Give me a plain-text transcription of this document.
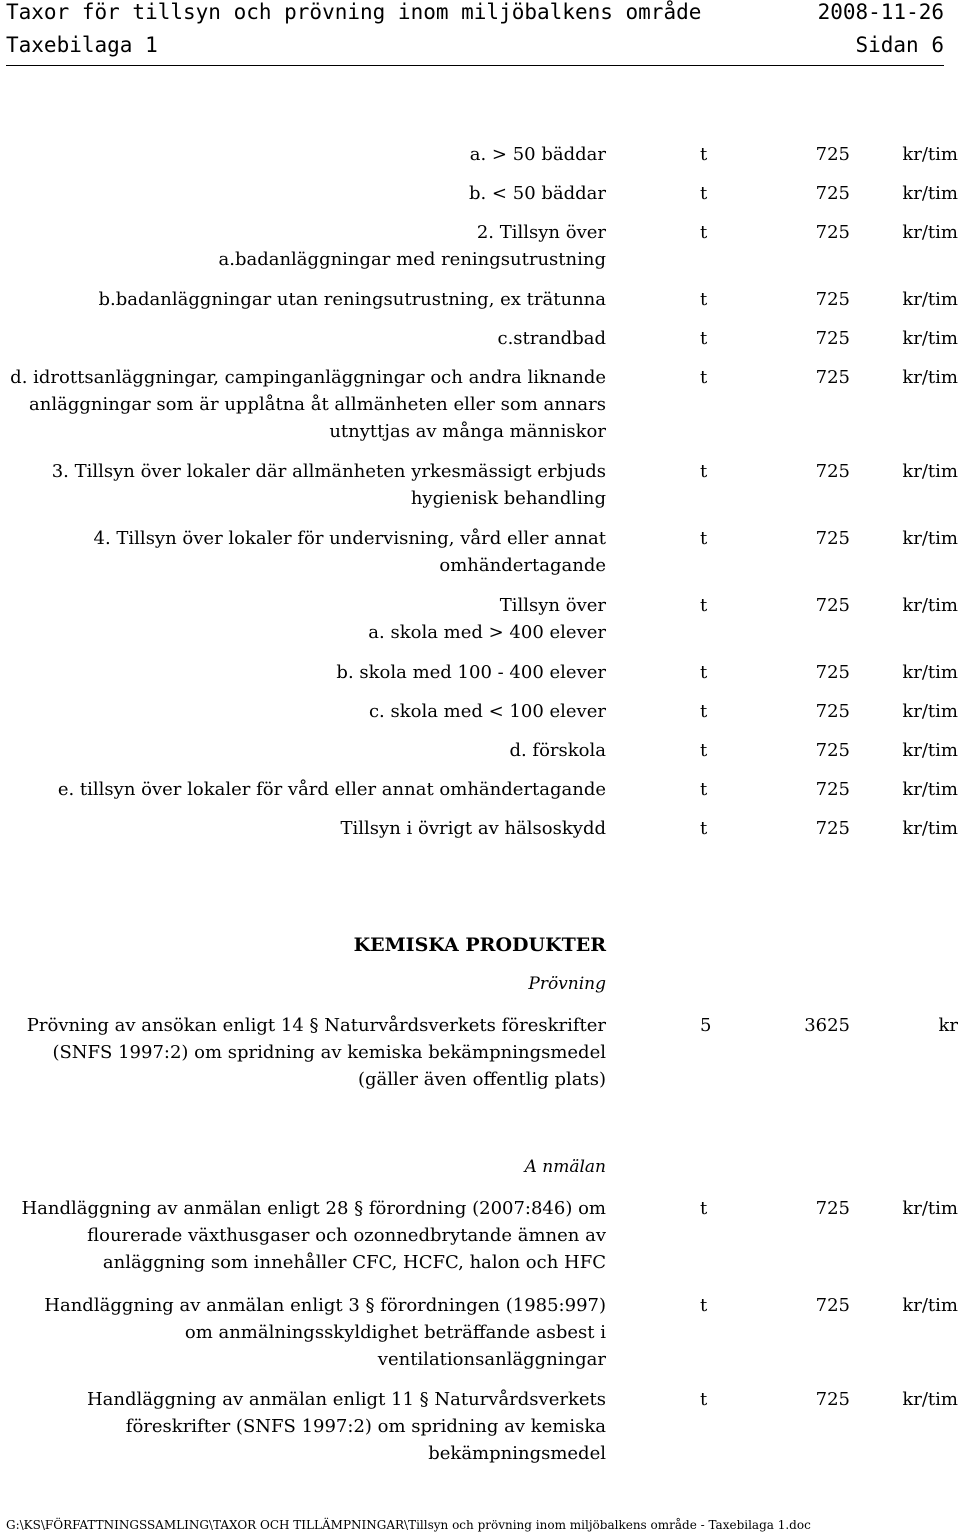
Taxor för tillsyn och prövning inom miljöbalkens område	2008-11-26
Taxebilaga 1	Sidan 6
a. > 50 bäddar	t	725	kr/tim
b. < 50 bäddar	t	725	kr/tim
2. Tillsyn över
a.badanläggningar med reningsutrustning
t	725	kr/tim
b.badanläggningar utan reningsutrustning, ex trätunna	t	725	kr/tim
c.strandbad	t	725	kr/tim
d. idrottsanläggningar, campinganläggningar och andra liknande
anläggningar som är upplåtna åt allmänheten eller som annars
utnyttjas av många människor
t	725	kr/tim
3. Tillsyn över lokaler där allmänheten yrkesmässigt erbjuds
hygienisk behandling
t	725	kr/tim
4. Tillsyn över lokaler för undervisning, vård eller annat
omhändertagande
t	725	kr/tim
Tillsyn över
a. skola med > 400 elever
t	725	kr/tim
b. skola med 100 - 400 elever	t	725	kr/tim
c. skola med < 100 elever	t	725	kr/tim
d. förskola	t	725	kr/tim
e. tillsyn över lokaler för vård eller annat omhändertagande	t	725	kr/tim
Tillsyn i övrigt av hälsoskydd	t	725	kr/tim
KEMISKA PRODUKTER
Prövning
Prövning av ansökan enligt 14 § Naturvårdsverkets föreskrifter
(SNFS 1997:2) om spridning av kemiska bekämpningsmedel
(gäller även offentlig plats)
5	3625	kr
A nmälan
Handläggning av anmälan enligt 28 § förordning (2007:846) om
flourerade växthusgaser och ozonnedbrytande ämnen av
anläggning som innehåller CFC, HCFC, halon och HFC
t	725	kr/tim
Handläggning av anmälan enligt 3 § förordningen (1985:997)
om anmälningsskyldighet beträffande asbest i
ventilationsanläggningar
t	725	kr/tim
Handläggning av anmälan enligt 11 § Naturvårdsverkets
föreskrifter (SNFS 1997:2) om spridning av kemiska
bekämpningsmedel
t	725	kr/tim
G:\KS\FÖRFATTNINGSSAMLING\TAXOR OCH TILLÄMPNINGAR\Tillsyn och prövning inom miljöbalkens område - Taxebilaga 1.doc
